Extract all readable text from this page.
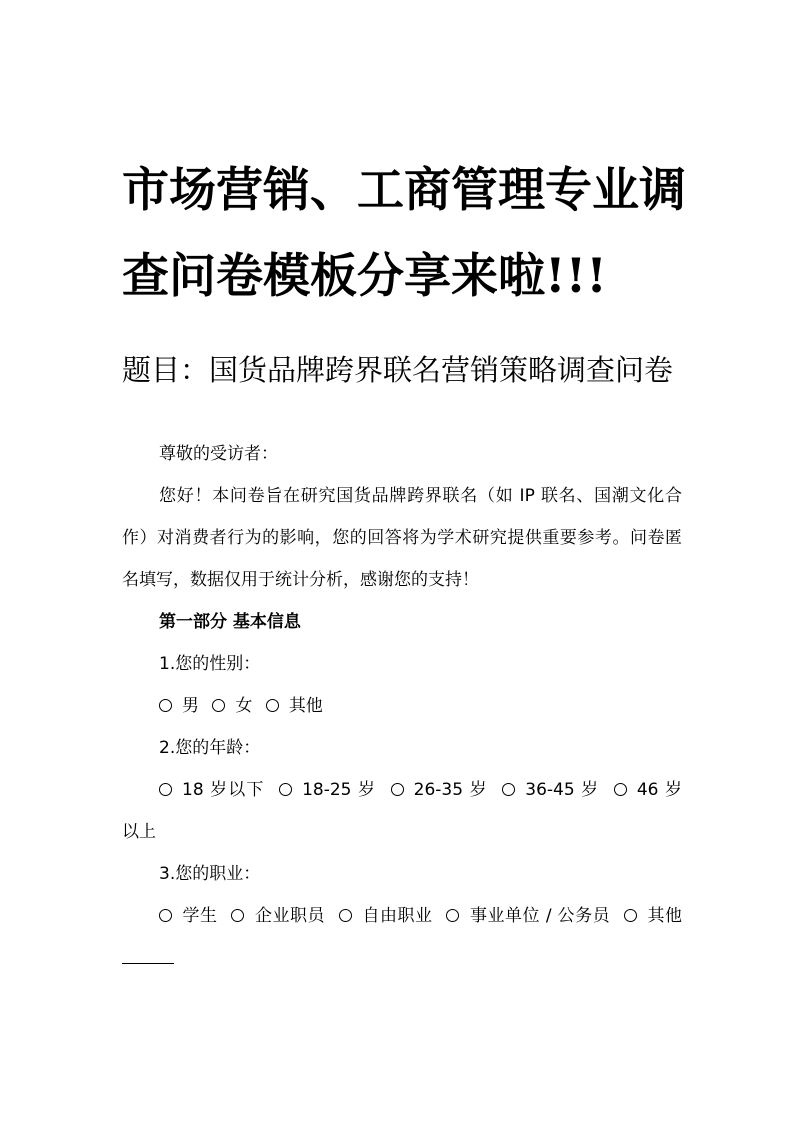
市场营销、工商管理专业调
查问卷模板分享来啦!!!
题目：国货品牌跨界联名营销策略调查问卷

尊敬的受访者：

您好！本问卷旨在研究国货品牌跨界联名（如 IP 联名、国潮文化合作）对消费者行为的影响，您的回答将为学术研究提供重要参考。问卷匿名填写，数据仅用于统计分析，感谢您的支持！

第一部分 基本信息

1.您的性别：

男 女 其他

2.您的年龄：

18 岁以下 18-25 岁 26-35 岁 36-45 岁 46 岁以上

3.您的职业：

学生 企业职员 自由职业 事业单位 / 公务员 其他
